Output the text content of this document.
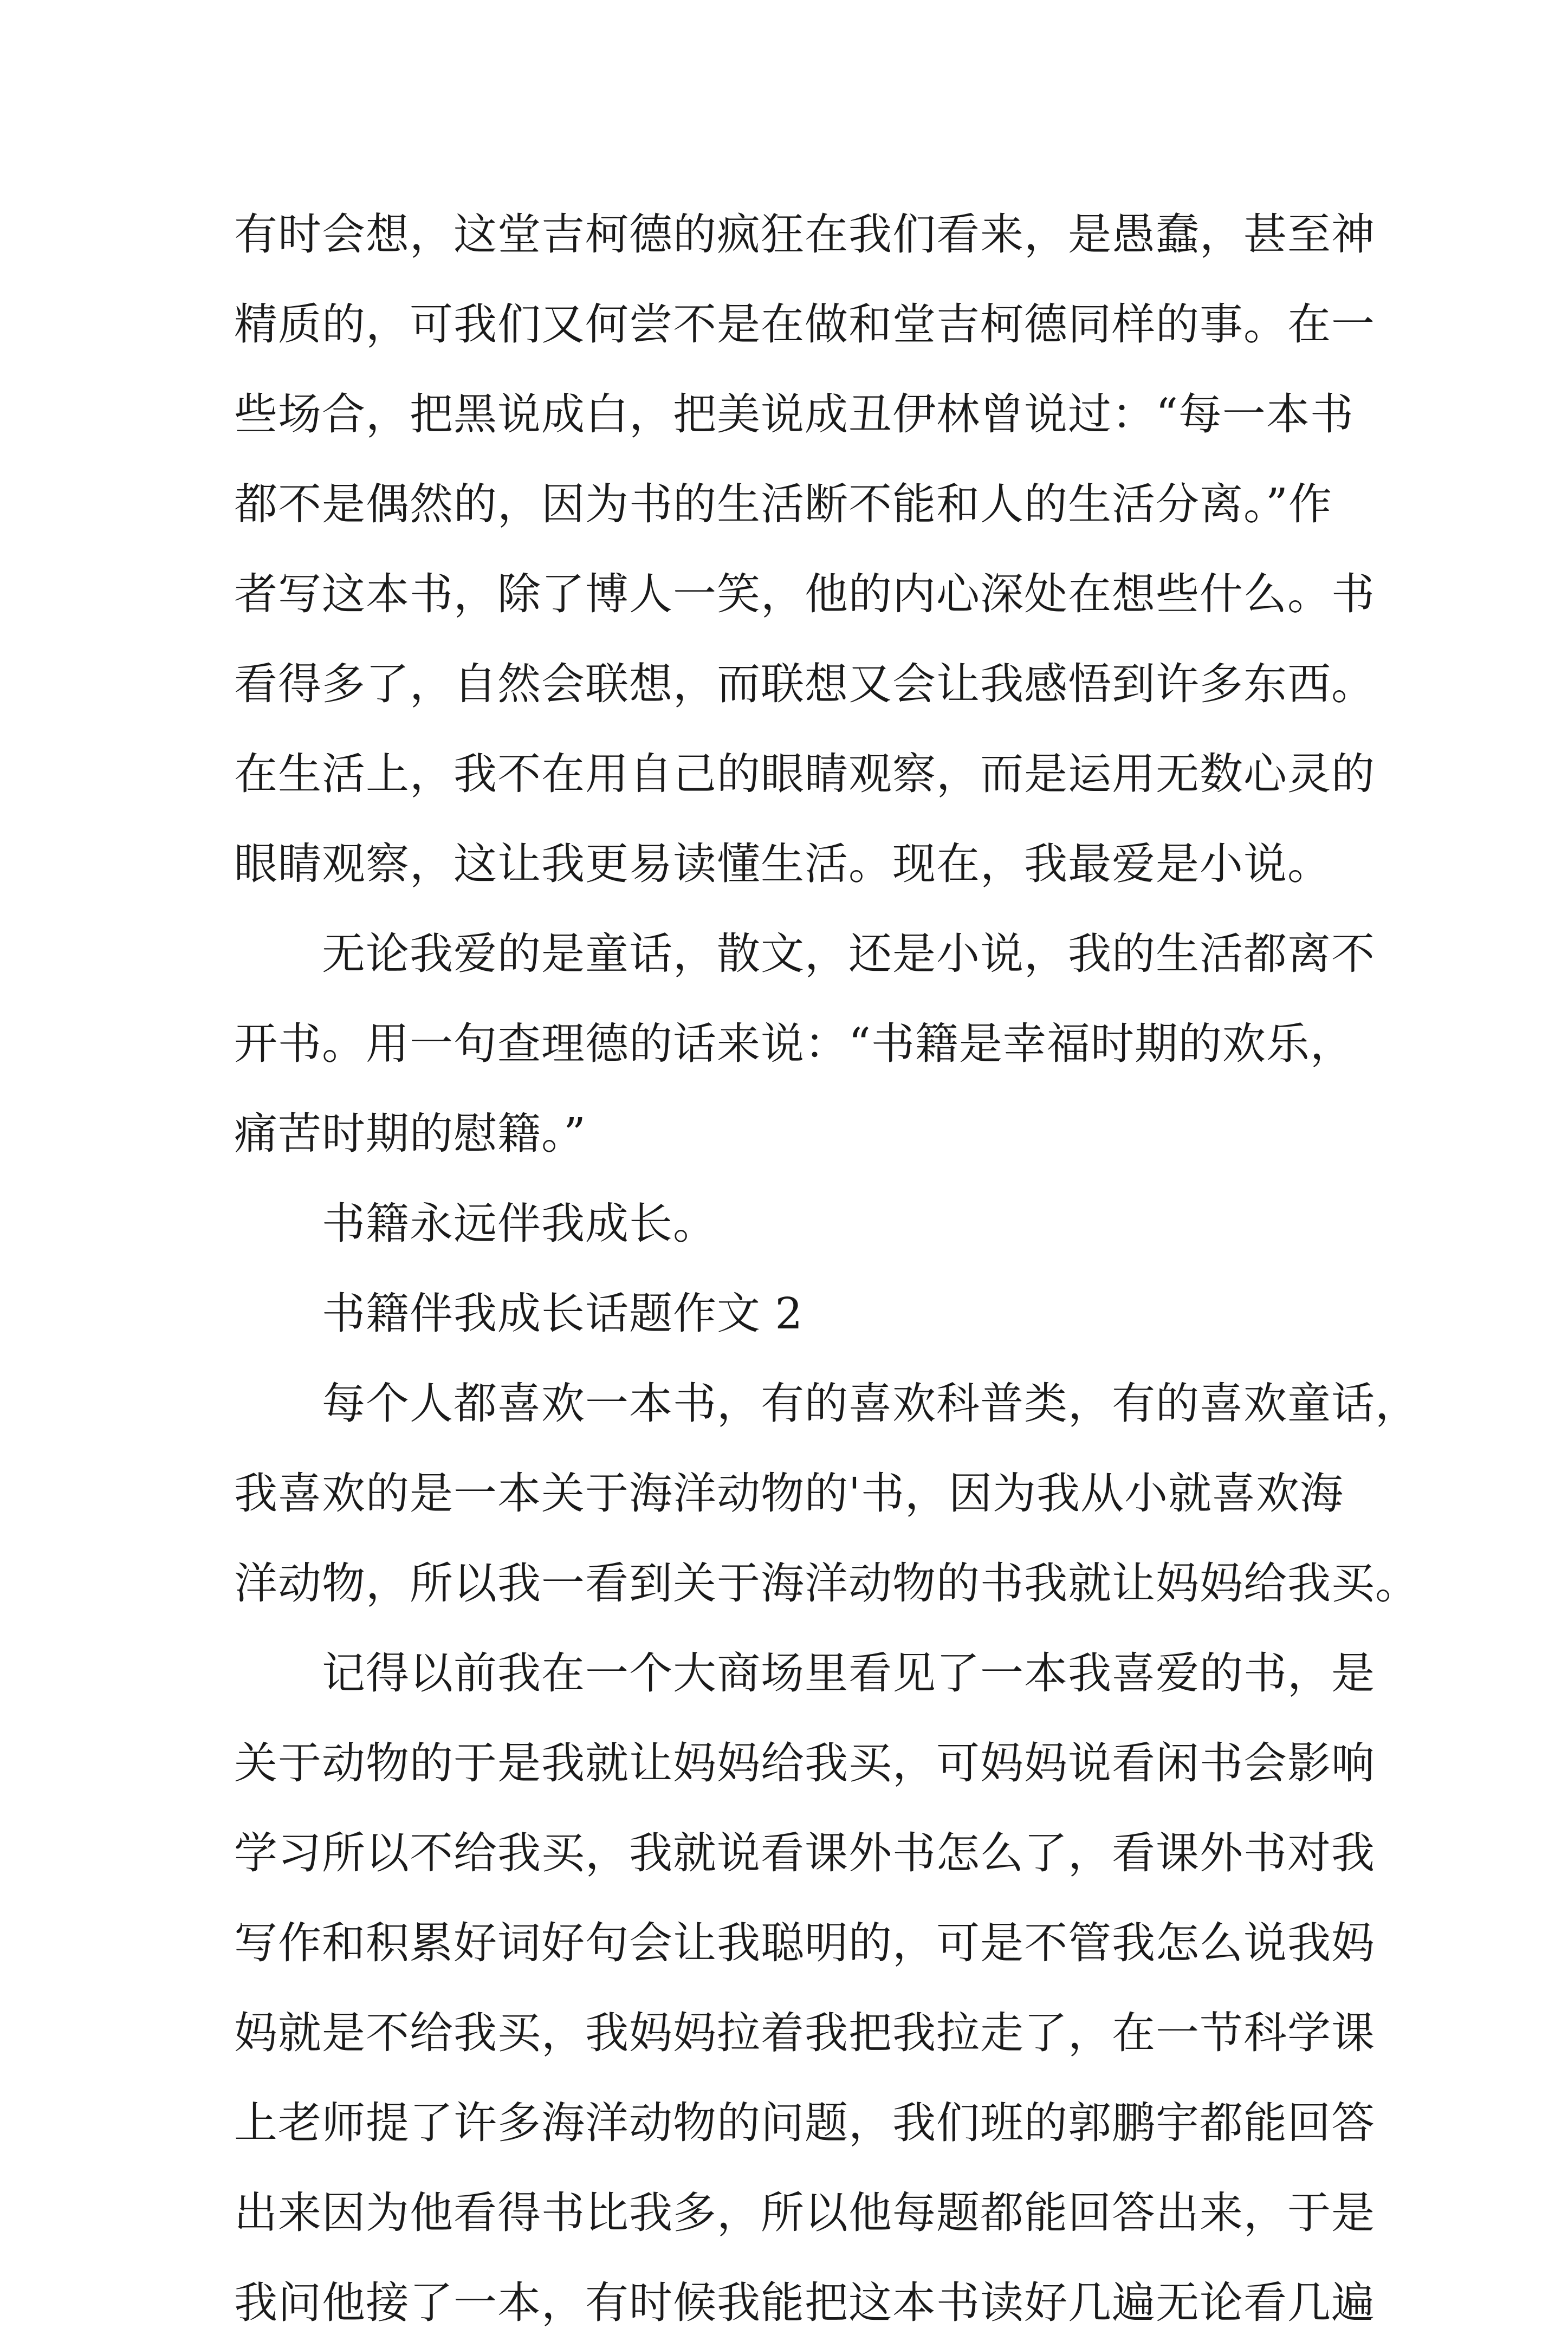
有时会想，这堂吉柯德的疯狂在我们看来，是愚蠢，甚至神
精质的，可我们又何尝不是在做和堂吉柯德同样的事。在一
些场合，把黑说成白，把美说成丑伊林曾说过：“每一本书
都不是偶然的，因为书的生活断不能和人的生活分离。”作
者写这本书，除了博人一笑，他的内心深处在想些什么。书
看得多了，自然会联想，而联想又会让我感悟到许多东西。
在生活上，我不在用自己的眼睛观察，而是运用无数心灵的
眼睛观察，这让我更易读懂生活。现在，我最爱是小说。
无论我爱的是童话，散文，还是小说，我的生活都离不
开书。用一句查理德的话来说：“书籍是幸福时期的欢乐，
痛苦时期的慰籍。”
书籍永远伴我成长。
书籍伴我成长话题作文 2
每个人都喜欢一本书，有的喜欢科普类，有的喜欢童话，
我喜欢的是一本关于海洋动物的'书，因为我从小就喜欢海
洋动物，所以我一看到关于海洋动物的书我就让妈妈给我买。
记得以前我在一个大商场里看见了一本我喜爱的书，是
关于动物的于是我就让妈妈给我买，可妈妈说看闲书会影响
学习所以不给我买，我就说看课外书怎么了，看课外书对我
写作和积累好词好句会让我聪明的，可是不管我怎么说我妈
妈就是不给我买，我妈妈拉着我把我拉走了，在一节科学课
上老师提了许多海洋动物的问题，我们班的郭鹏宇都能回答
出来因为他看得书比我多，所以他每题都能回答出来，于是
我问他接了一本，有时候我能把这本书读好几遍无论看几遍
